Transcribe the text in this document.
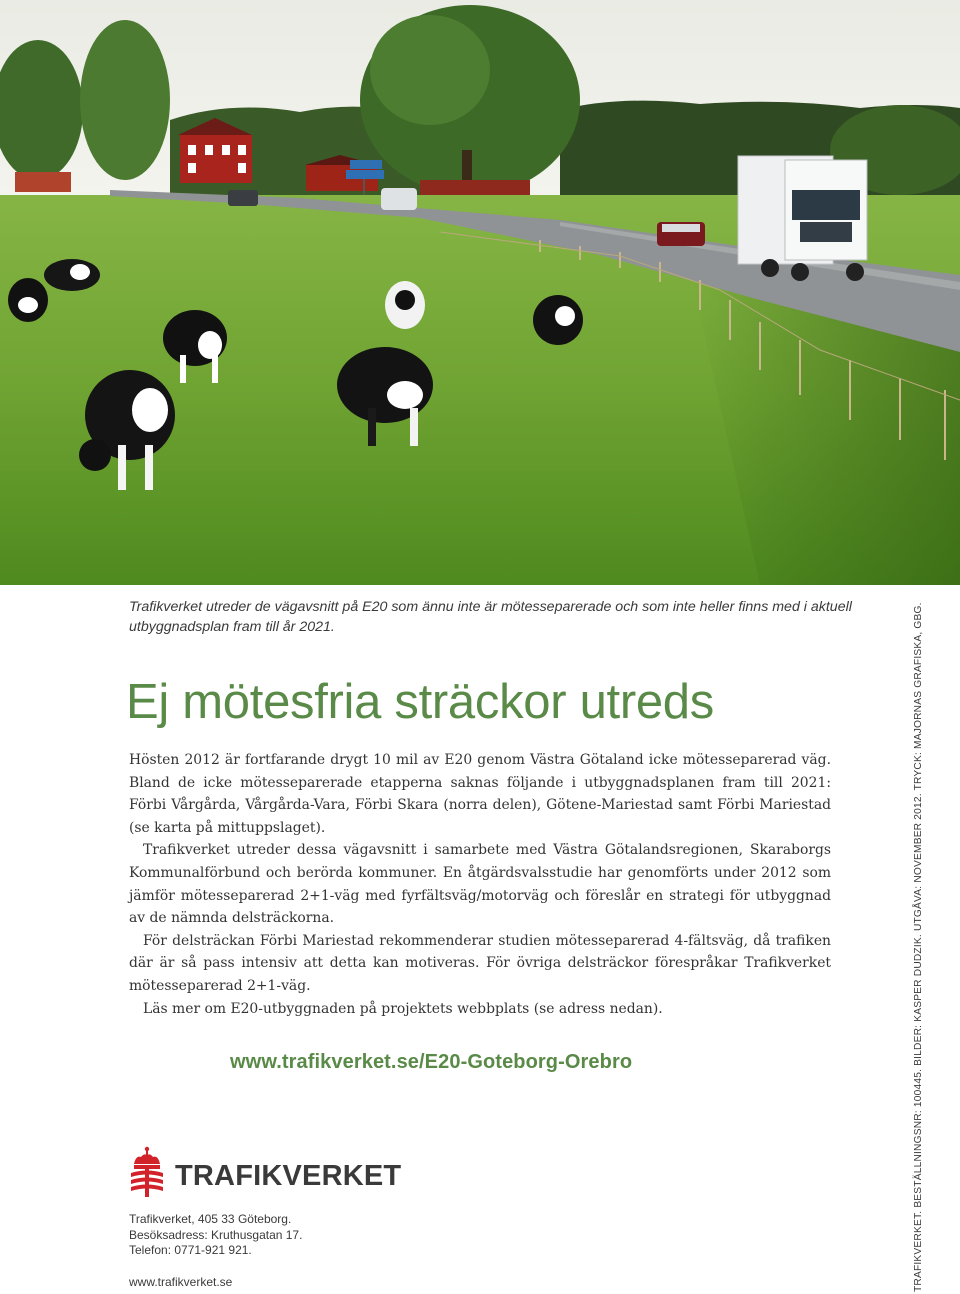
Trafikverket utreder de vägavsnitt på E20 som ännu inte är mötesseparerade och som inte heller finns med i aktuell utbyggnadsplan fram till år 2021.
Ej mötesfria sträckor utreds

Hösten 2012 är fortfarande drygt 10 mil av E20 genom Västra Götaland icke mötesseparerad väg. Bland de icke mötesseparerade etapperna saknas följande i utbyggnadsplanen fram till 2021: Förbi Vårgårda, Vårgårda-Vara, Förbi Skara (norra delen), Götene-Mariestad samt Förbi Mariestad (se karta på mittuppslaget).

Trafikverket utreder dessa vägavsnitt i samarbete med Västra Götalandsregionen, Skaraborgs Kommunalförbund och berörda kommuner. En åtgärdsvalsstudie har genomförts under 2012 som jämför mötesseparerad 2+1-väg med fyrfältsväg/motorväg och föreslår en strategi för utbyggnad av de nämnda delsträckorna.

För delsträckan Förbi Mariestad rekommenderar studien mötesseparerad 4-fältsväg, då trafiken där är så pass intensiv att detta kan motiveras. För övriga delsträckor förespråkar Trafikverket mötesseparerad 2+1-väg.

Läs mer om E20-utbyggnaden på projektets webbplats (se adress nedan).

www.trafikverket.se/E20-Goteborg-Orebro
TRAFIKVERKET
Trafikverket, 405 33 Göteborg.
Besöksadress: Kruthusgatan 17.
Telefon: 0771-921 921.
www.trafikverket.se	TRAFIKVERKET. BESTÄLLNINGSNR: 100445. BILDER: KASPER DUDZIK. UTGÅVA: NOVEMBER 2012. TRYCK: MAJORNAS GRAFISKA, GBG.
